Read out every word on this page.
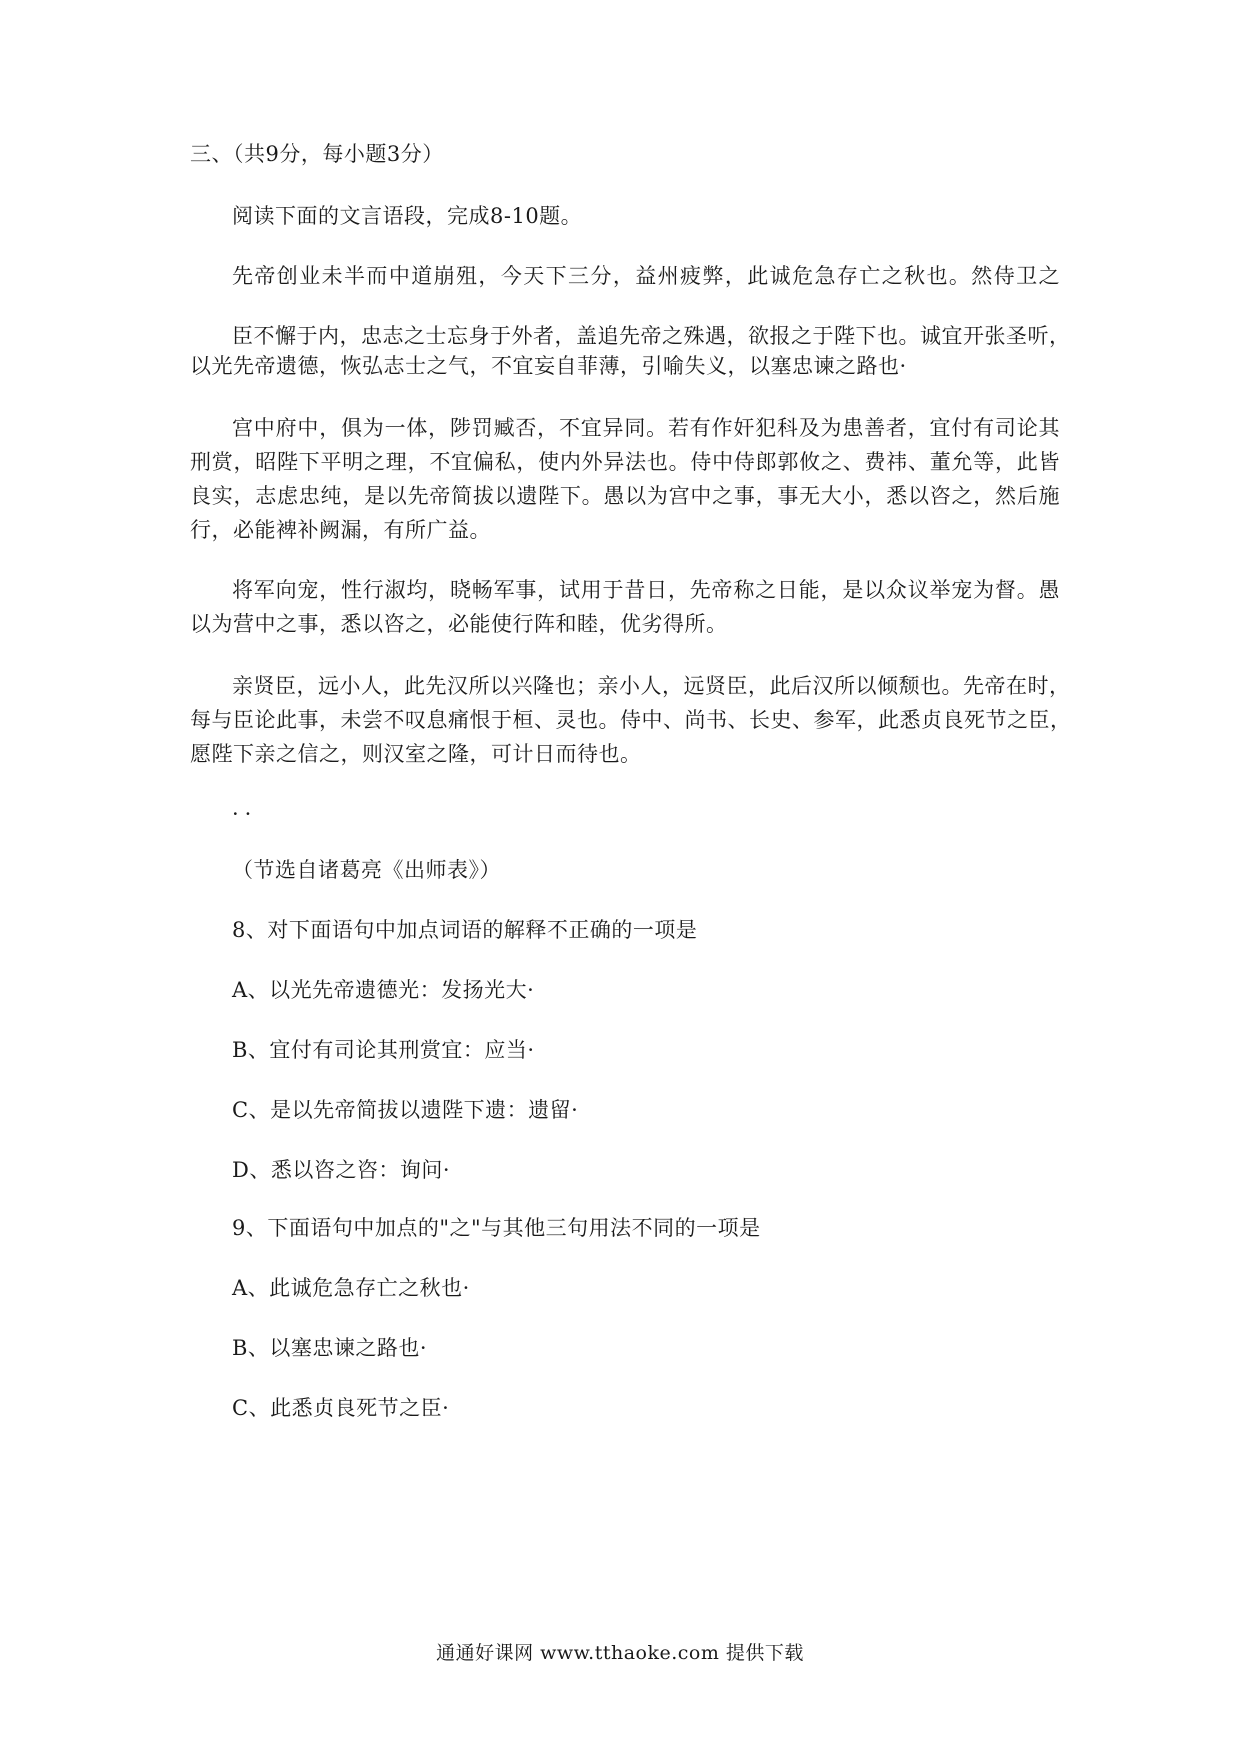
三、（共9分，每小题3分）
阅读下面的文言语段，完成8-10题。
先帝创业未半而中道崩殂，今天下三分，益州疲弊，此诚危急存亡之秋也。然侍卫之
臣不懈于内，忠志之士忘身于外者，盖追先帝之殊遇，欲报之于陛下也。诚宜开张圣听，
以光先帝遗德，恢弘志士之气，不宜妄自菲薄，引喻失义，以塞忠谏之路也·
宫中府中，俱为一体，陟罚臧否，不宜异同。若有作奸犯科及为患善者，宜付有司论其
刑赏，昭陛下平明之理，不宜偏私，使内外异法也。侍中侍郎郭攸之、费祎、董允等，此皆
良实，志虑忠纯，是以先帝简拔以遗陛下。愚以为宫中之事，事无大小，悉以咨之，然后施
行，必能裨补阙漏，有所广益。
将军向宠，性行淑均，晓畅军事，试用于昔日，先帝称之日能，是以众议举宠为督。愚
以为营中之事，悉以咨之，必能使行阵和睦，优劣得所。
亲贤臣，远小人，此先汉所以兴隆也；亲小人，远贤臣，此后汉所以倾颓也。先帝在时，
每与臣论此事，未尝不叹息痛恨于桓、灵也。侍中、尚书、长史、参军，此悉贞良死节之臣，
愿陛下亲之信之，则汉室之隆，可计日而待也。
··
（节选自诸葛亮《出师表》）
8、对下面语句中加点词语的解释不正确的一项是
A、以光先帝遗德光：发扬光大·
B、宜付有司论其刑赏宜：应当·
C、是以先帝简拔以遗陛下遗：遗留·
D、悉以咨之咨：询问·
9、下面语句中加点的"之"与其他三句用法不同的一项是
A、此诚危急存亡之秋也·
B、以塞忠谏之路也·
C、此悉贞良死节之臣·
通通好课网 www.tthaoke.com 提供下载
